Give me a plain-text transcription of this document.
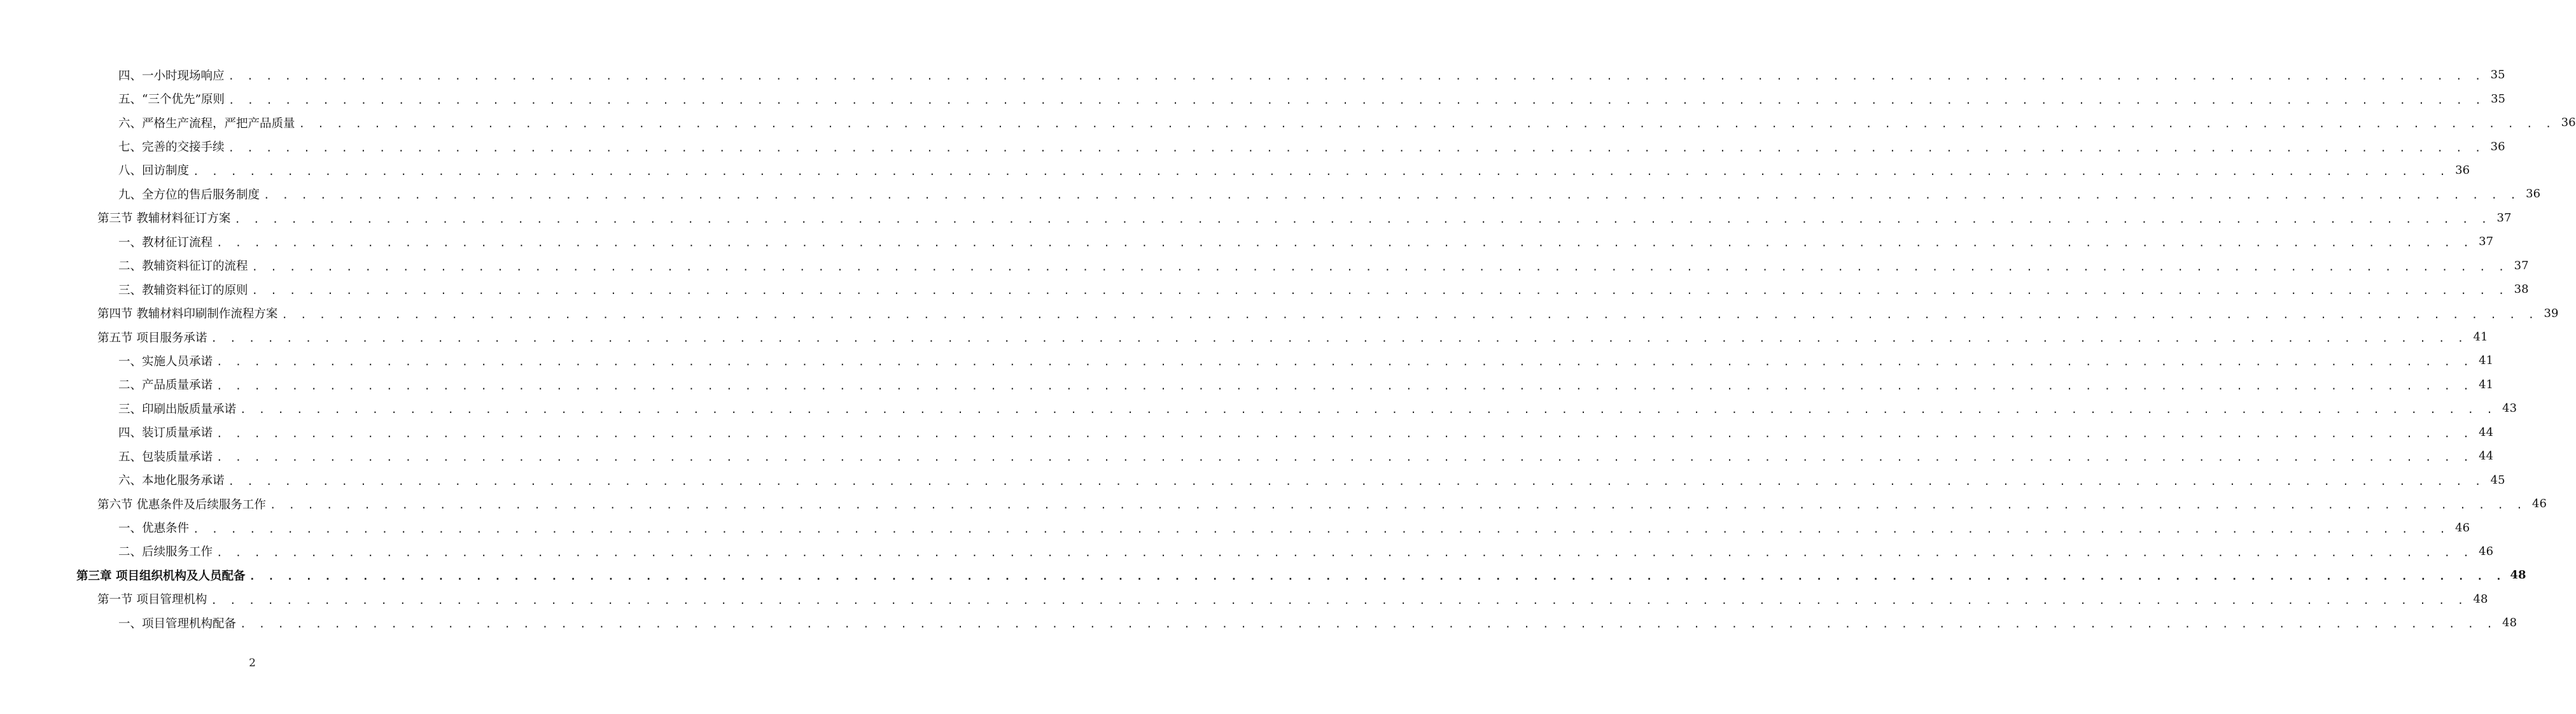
四、一小时现场响应 . . . . . . . . . . . . . . . . . . . . . . . . . . . . . . . . . . . . . . . . . . . . . . . . . . . . . . . . . . . . . . . . . . . . . . . . . . . . . . . . . . . . . . . . . . . . . . . . . . . . . . . . . . . . . . . . . . . . . . . . 35
五、“三个优先”原则 . . . . . . . . . . . . . . . . . . . . . . . . . . . . . . . . . . . . . . . . . . . . . . . . . . . . . . . . . . . . . . . . . . . . . . . . . . . . . . . . . . . . . . . . . . . . . . . . . . . . . . . . . . . . . . . . . . . . . . . . 35
六、严格生产流程，严把产品质量 . . . . . . . . . . . . . . . . . . . . . . . . . . . . . . . . . . . . . . . . . . . . . . . . . . . . . . . . . . . . . . . . . . . . . . . . . . . . . . . . . . . . . . . . . . . . . . . . . . . . . . . . . . . . . . . . . . . . . . . . 36
七、完善的交接手续 . . . . . . . . . . . . . . . . . . . . . . . . . . . . . . . . . . . . . . . . . . . . . . . . . . . . . . . . . . . . . . . . . . . . . . . . . . . . . . . . . . . . . . . . . . . . . . . . . . . . . . . . . . . . . . . . . . . . . . . . 36
八、回访制度 . . . . . . . . . . . . . . . . . . . . . . . . . . . . . . . . . . . . . . . . . . . . . . . . . . . . . . . . . . . . . . . . . . . . . . . . . . . . . . . . . . . . . . . . . . . . . . . . . . . . . . . . . . . . . . . . . . . . . . . . 36
九、全方位的售后服务制度 . . . . . . . . . . . . . . . . . . . . . . . . . . . . . . . . . . . . . . . . . . . . . . . . . . . . . . . . . . . . . . . . . . . . . . . . . . . . . . . . . . . . . . . . . . . . . . . . . . . . . . . . . . . . . . . . . . . . . . . . 36
第三节 教辅材料征订方案 . . . . . . . . . . . . . . . . . . . . . . . . . . . . . . . . . . . . . . . . . . . . . . . . . . . . . . . . . . . . . . . . . . . . . . . . . . . . . . . . . . . . . . . . . . . . . . . . . . . . . . . . . . . . . . . . . . . . . . . . 37
一、教材征订流程 . . . . . . . . . . . . . . . . . . . . . . . . . . . . . . . . . . . . . . . . . . . . . . . . . . . . . . . . . . . . . . . . . . . . . . . . . . . . . . . . . . . . . . . . . . . . . . . . . . . . . . . . . . . . . . . . . . . . . . . . 37
二、教辅资料征订的流程 . . . . . . . . . . . . . . . . . . . . . . . . . . . . . . . . . . . . . . . . . . . . . . . . . . . . . . . . . . . . . . . . . . . . . . . . . . . . . . . . . . . . . . . . . . . . . . . . . . . . . . . . . . . . . . . . . . . . . . . . 37
三、教辅资料征订的原则 . . . . . . . . . . . . . . . . . . . . . . . . . . . . . . . . . . . . . . . . . . . . . . . . . . . . . . . . . . . . . . . . . . . . . . . . . . . . . . . . . . . . . . . . . . . . . . . . . . . . . . . . . . . . . . . . . . . . . . . . 38
第四节 教辅材料印刷制作流程方案 . . . . . . . . . . . . . . . . . . . . . . . . . . . . . . . . . . . . . . . . . . . . . . . . . . . . . . . . . . . . . . . . . . . . . . . . . . . . . . . . . . . . . . . . . . . . . . . . . . . . . . . . . . . . . . . . . . . . . . . . 39
第五节 项目服务承诺 . . . . . . . . . . . . . . . . . . . . . . . . . . . . . . . . . . . . . . . . . . . . . . . . . . . . . . . . . . . . . . . . . . . . . . . . . . . . . . . . . . . . . . . . . . . . . . . . . . . . . . . . . . . . . . . . . . . . . . . . 41
一、实施人员承诺 . . . . . . . . . . . . . . . . . . . . . . . . . . . . . . . . . . . . . . . . . . . . . . . . . . . . . . . . . . . . . . . . . . . . . . . . . . . . . . . . . . . . . . . . . . . . . . . . . . . . . . . . . . . . . . . . . . . . . . . . 41
二、产品质量承诺 . . . . . . . . . . . . . . . . . . . . . . . . . . . . . . . . . . . . . . . . . . . . . . . . . . . . . . . . . . . . . . . . . . . . . . . . . . . . . . . . . . . . . . . . . . . . . . . . . . . . . . . . . . . . . . . . . . . . . . . . 41
三、印刷出版质量承诺 . . . . . . . . . . . . . . . . . . . . . . . . . . . . . . . . . . . . . . . . . . . . . . . . . . . . . . . . . . . . . . . . . . . . . . . . . . . . . . . . . . . . . . . . . . . . . . . . . . . . . . . . . . . . . . . . . . . . . . . . 43
四、装订质量承诺 . . . . . . . . . . . . . . . . . . . . . . . . . . . . . . . . . . . . . . . . . . . . . . . . . . . . . . . . . . . . . . . . . . . . . . . . . . . . . . . . . . . . . . . . . . . . . . . . . . . . . . . . . . . . . . . . . . . . . . . . 44
五、包装质量承诺 . . . . . . . . . . . . . . . . . . . . . . . . . . . . . . . . . . . . . . . . . . . . . . . . . . . . . . . . . . . . . . . . . . . . . . . . . . . . . . . . . . . . . . . . . . . . . . . . . . . . . . . . . . . . . . . . . . . . . . . . 44
六、本地化服务承诺 . . . . . . . . . . . . . . . . . . . . . . . . . . . . . . . . . . . . . . . . . . . . . . . . . . . . . . . . . . . . . . . . . . . . . . . . . . . . . . . . . . . . . . . . . . . . . . . . . . . . . . . . . . . . . . . . . . . . . . . . 45
第六节 优惠条件及后续服务工作 . . . . . . . . . . . . . . . . . . . . . . . . . . . . . . . . . . . . . . . . . . . . . . . . . . . . . . . . . . . . . . . . . . . . . . . . . . . . . . . . . . . . . . . . . . . . . . . . . . . . . . . . . . . . . . . . . . . . . . . . 46
一、优惠条件 . . . . . . . . . . . . . . . . . . . . . . . . . . . . . . . . . . . . . . . . . . . . . . . . . . . . . . . . . . . . . . . . . . . . . . . . . . . . . . . . . . . . . . . . . . . . . . . . . . . . . . . . . . . . . . . . . . . . . . . . 46
二、后续服务工作 . . . . . . . . . . . . . . . . . . . . . . . . . . . . . . . . . . . . . . . . . . . . . . . . . . . . . . . . . . . . . . . . . . . . . . . . . . . . . . . . . . . . . . . . . . . . . . . . . . . . . . . . . . . . . . . . . . . . . . . . 46
第三章 项目组织机构及人员配备 . . . . . . . . . . . . . . . . . . . . . . . . . . . . . . . . . . . . . . . . . . . . . . . . . . . . . . . . . . . . . . . . . . . . . . . . . . . . . . . . . . . . . . . . . . . . . . . . . . . . . . . . . . . . . . . . . . . . . . . . 48
第一节 项目管理机构 . . . . . . . . . . . . . . . . . . . . . . . . . . . . . . . . . . . . . . . . . . . . . . . . . . . . . . . . . . . . . . . . . . . . . . . . . . . . . . . . . . . . . . . . . . . . . . . . . . . . . . . . . . . . . . . . . . . . . . . . 48
一、项目管理机构配备 . . . . . . . . . . . . . . . . . . . . . . . . . . . . . . . . . . . . . . . . . . . . . . . . . . . . . . . . . . . . . . . . . . . . . . . . . . . . . . . . . . . . . . . . . . . . . . . . . . . . . . . . . . . . . . . . . . . . . . . . 48
2
